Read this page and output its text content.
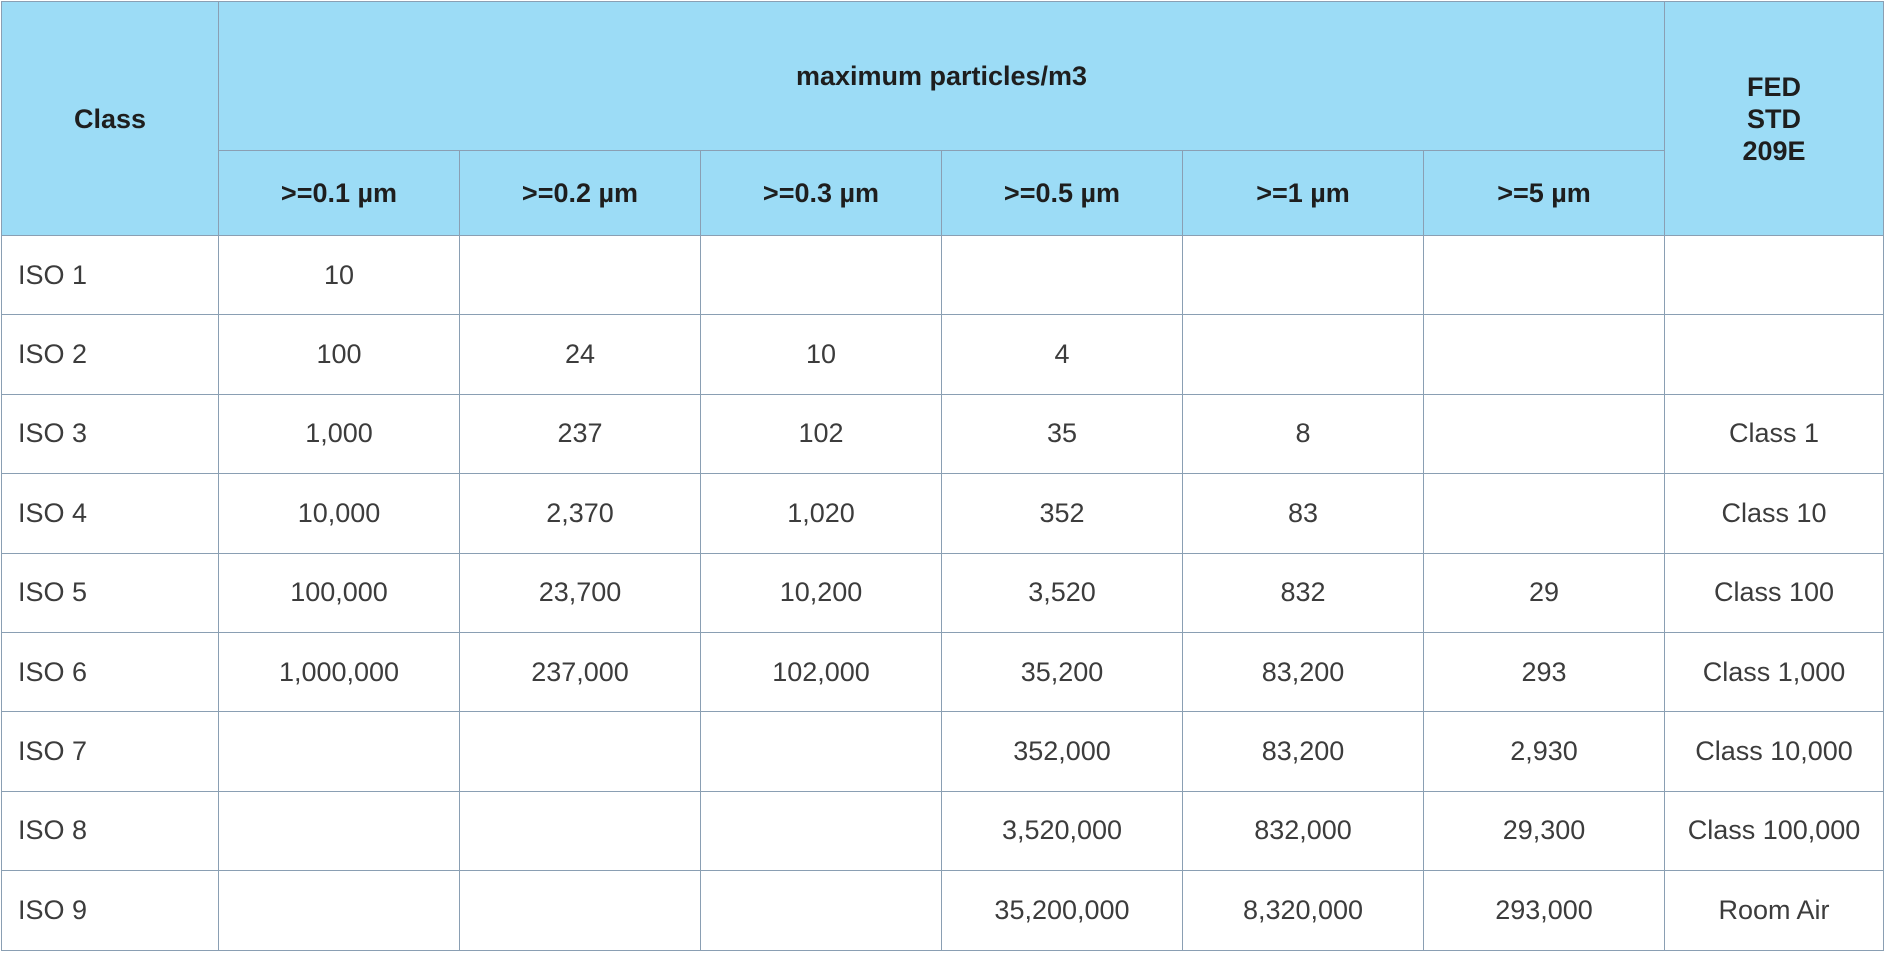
Class	maximum particles/m3						FED
STD
209E

	>=0.1 µm	>=0.2 µm	>=0.3 µm	>=0.5 µm	>=1 µm	>=5 µm	
ISO 1	10						
ISO 2	100	24	10	4			
ISO 3	1,000	237	102	35	8		Class 1
ISO 4	10,000	2,370	1,020	352	83		Class 10
ISO 5	100,000	23,700	10,200	3,520	832	29	Class 100
ISO 6	1,000,000	237,000	102,000	35,200	83,200	293	Class 1,000
ISO 7				352,000	83,200	2,930	Class 10,000
ISO 8				3,520,000	832,000	29,300	Class 100,000
ISO 9				35,200,000	8,320,000	293,000	Room Air
